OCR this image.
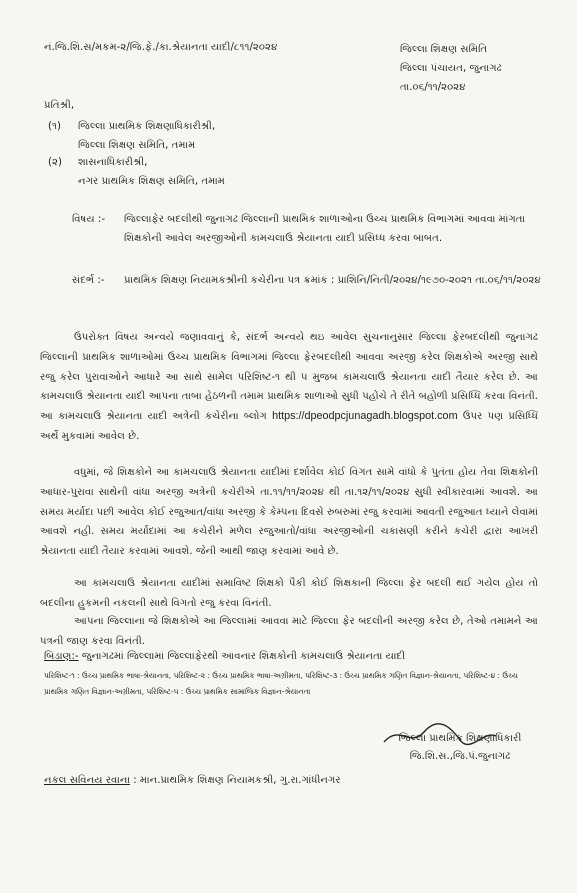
નં.જિ.શિ.સ/મકમ-૨/જિ.ફે./કા.શ્રેયાનતા યાદી/૮૧૧/૨૦૨૪	જિલ્લા શિક્ષણ સમિતિ
જિલ્લા પંચાયત, જુનાગઢ
તા.૦૬/૧૧/૨૦૨૪
પ્રતિશ્રી,
(૧)	જિલ્લા પ્રાથમિક શિક્ષણાધિકારીશ્રી,
જિલ્લા શિક્ષણ સમિતિ, તમામ
(૨)	શાસનાધિકારીશ્રી,
નગર પ્રાથમિક શિક્ષણ સમિતિ, તમામ
વિષય :- જિલ્લાફેર બદલીથી જુનાગઢ જિલ્લાની પ્રાથમિક શાળાઓના ઉચ્ચ પ્રાથમિક વિભાગમાં આવવા માંગતા શિક્ષકોની આવેલ અરજીઓની કામચલાઉ શ્રેયાનતા યાદી પ્રસિધ્ધ કરવા બાબત.
સંદર્ભ :- પ્રાથમિક શિક્ષણ નિયામકશ્રીની કચેરીના પત્ર ક્રમાંક : પ્રાશિનિ/નિતી/૨૦૨૪/૧૯૭૦-૨૦૨૧ તા.૦૬/૧૧/૨૦૨૪
ઉપરોક્ત વિષય અન્વયે જણાવવાનું કે, સંદર્ભ અન્વયે થઇ આવેલ સુચનાનુસાર જિલ્લા ફેરબદલીથી જુનાગઢ જિલ્લાની પ્રાથમિક શાળાઓમાં ઉચ્ચ પ્રાથમિક વિભાગમાં જિલ્લા ફેરબદલીથી આવવા અરજી કરેલ શિક્ષકોએ અરજી સાથે રજુ કરેલ પુરાવાઓને આધારે આ સાથે સામેલ પરિશિષ્ટ-૧ થી ૫ મુજબ કામચલાઉ શ્રેયાનતા યાદી તૈયાર કરેલ છે. આ કામચલાઉ શ્રેયાનતા યાદી આપના તાબા હેઠળની તમામ પ્રાથમિક શાળાઓ સુધી પહોંચે તે રીતે બહોળી પ્રસિધ્ધિ કરવા વિનંતી. આ કામચલાઉ શ્રેયાનતા યાદી અત્રેની કચેરીના બ્લોગ https://dpeodpcjunagadh.blogspot.com ઉપર પણ પ્રસિધ્ધિ અર્થે મુકવામાં આવેલ છે.
વધુમાં, જે શિક્ષકોને આ કામચલાઉ શ્રેયાનતા યાદીમાં દર્શાવેલ કોઈ વિગત સામે વાંધો કે પુતંતા હોય તેવા શિક્ષકોની આધાર-પુરાવા સાથેની વાંધા અરજી અત્રેની કચેરીએ તા.૧૧/૧૧/૨૦૨૪ થી તા.૧૨/૧૧/૨૦૨૪ સુધી સ્વીકારવામાં આવશે. આ સમય મર્યાદા પછી આવેલ કોઈ રજુઆત/વાંધા અરજી કે કેમ્પના દિવસે રુબરુમાં રજુ કરવામાં આવતી રજુઆત ધ્યાને લેવામાં આવશે નહી. સમય મર્યાદામાં આ કચેરીને મળેલ રજુઆતો/વાંધા અરજીઓની ચકાસણી કરીને કચેરી દ્વારા આખરી શ્રેયાનતા યાદી તૈયાર કરવામાં આવશે. જેની આથી જાણ કરવામાં આવે છે.
આ કામચલાઉ શ્રેયાનતા યાદીમાં સમાવિષ્ટ શિક્ષકો પૈકી કોઈ શિક્ષકાની જિલ્લા ફેર બદલી થઈ ગયેલ હોય તો બદલીના હુકમની નકલની સાથે વિગતો રજુ કરવા વિનંતી.
આપના જિલ્લાના જે શિક્ષકોએ આ જિલ્લામાં આવવા માટે જિલ્લા ફેર બદલીની અરજી કરેલ છે, તેઓ તમામને આ પત્રની જાણ કરવા વિનંતી.
બિડાણ:- જુનાગઢમાં જિલ્લામાં જિલ્લાફેરથી આવનાર શિક્ષકોની કામચલાઉ શ્રેયાનતા યાદી
પરિશિષ્ટ-૧ : ઉચ્ચ પ્રાથમિક ભાષા-શ્રેયાનતા, પરિશિષ્ટ-૨ : ઉચ્ચ પ્રાથમિક ભાષા-અગ્રીમતા, પરિશિષ્ટ-૩ : ઉચ્ચ પ્રાથમિક ગણિત વિજ્ઞાન-શ્રેયાનતા, પરિશિષ્ટ-૪ : ઉચ્ચ પ્રાથમિક ગણિત વિજ્ઞાન-અગ્રીમતા, પરિશિષ્ટ-૫ : ઉચ્ચ પ્રાથમિક સામાજિક વિજ્ઞાન-શ્રેયાનતા
જિલ્લા પ્રાથમિક શિક્ષણાધિકારી
જિ.શિ.સ.,જિ.પં.જુનાગઢ
નકલ સવિનય રવાના : માન.પ્રાથમિક શિક્ષણ નિયામકશ્રી, ગુ.રા.ગાંધીનગર
